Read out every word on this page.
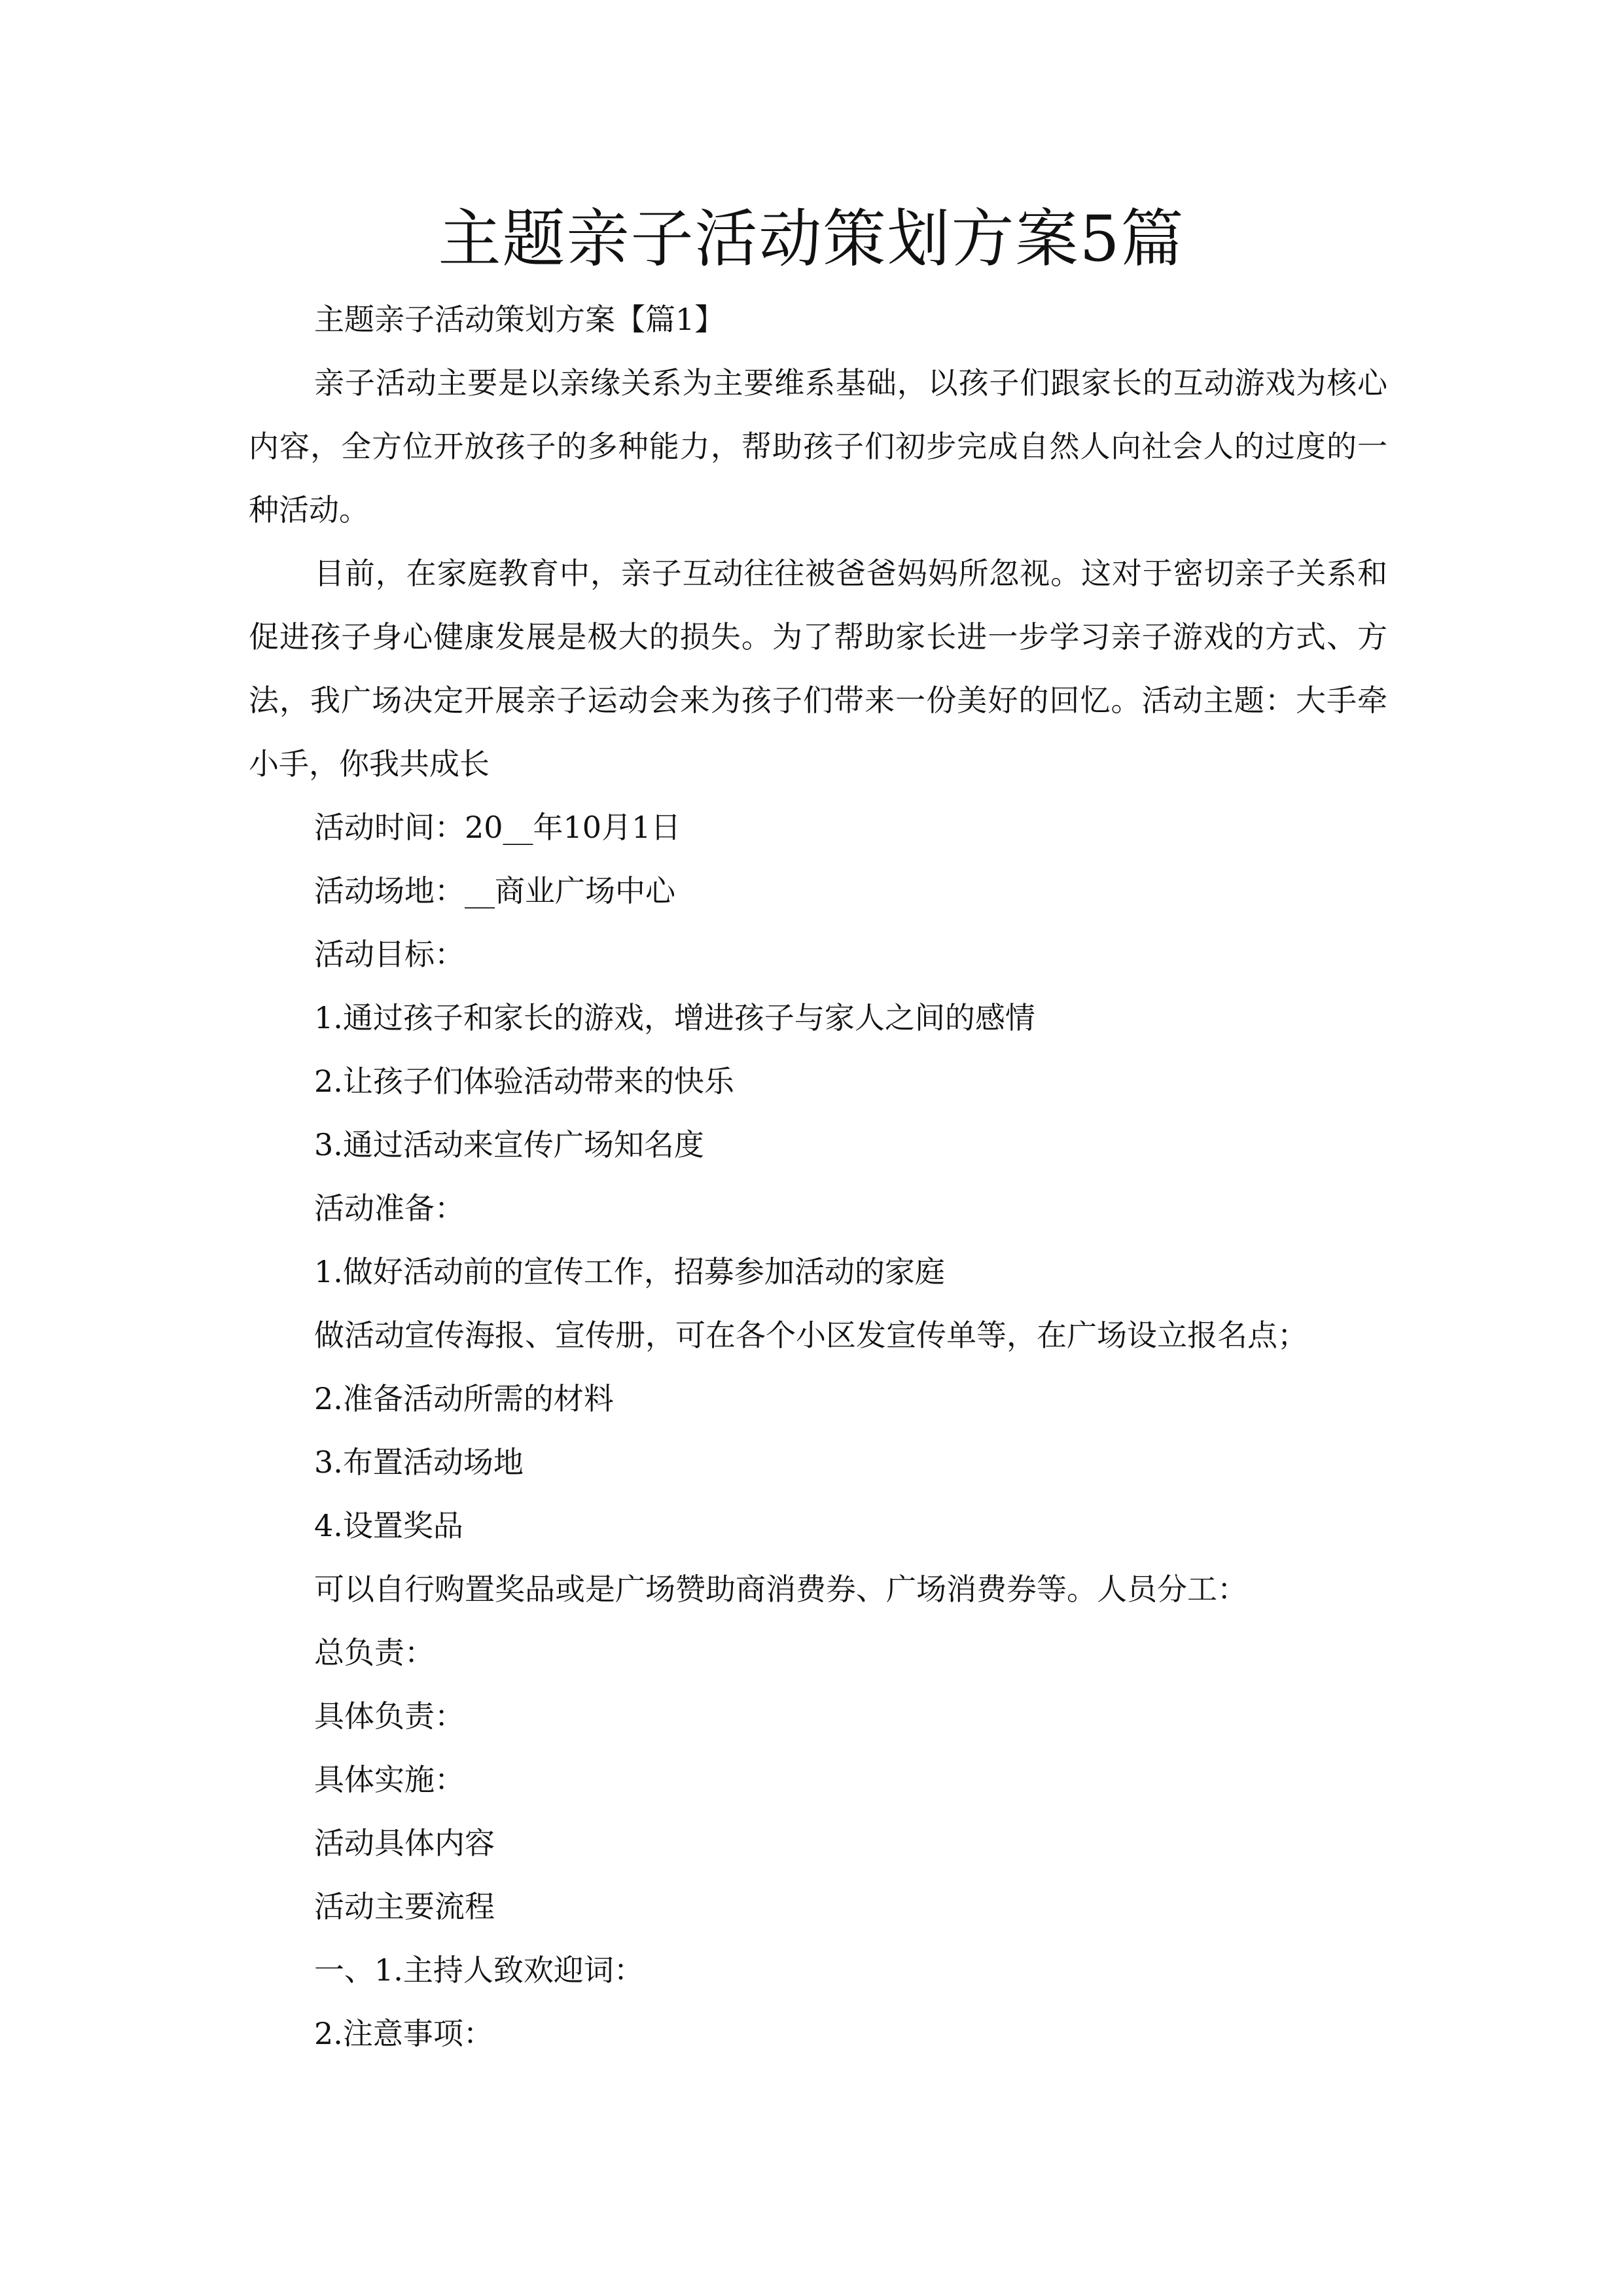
主题亲子活动策划方案5篇

主题亲子活动策划方案【篇1】

亲子活动主要是以亲缘关系为主要维系基础，以孩子们跟家长的互动游戏为核心内容，全方位开放孩子的多种能力，帮助孩子们初步完成自然人向社会人的过度的一种活动。

目前，在家庭教育中，亲子互动往往被爸爸妈妈所忽视。这对于密切亲子关系和促进孩子身心健康发展是极大的损失。为了帮助家长进一步学习亲子游戏的方式、方法，我广场决定开展亲子运动会来为孩子们带来一份美好的回忆。活动主题：大手牵小手，你我共成长

活动时间：20__年10月1日

活动场地：__商业广场中心

活动目标：

1.通过孩子和家长的游戏，增进孩子与家人之间的感情

2.让孩子们体验活动带来的快乐

3.通过活动来宣传广场知名度

活动准备：

1.做好活动前的宣传工作，招募参加活动的家庭

做活动宣传海报、宣传册，可在各个小区发宣传单等，在广场设立报名点；

2.准备活动所需的材料

3.布置活动场地

4.设置奖品

可以自行购置奖品或是广场赞助商消费券、广场消费券等。人员分工：

总负责：

具体负责：

具体实施：

活动具体内容

活动主要流程

一、1.主持人致欢迎词：

2.注意事项：
